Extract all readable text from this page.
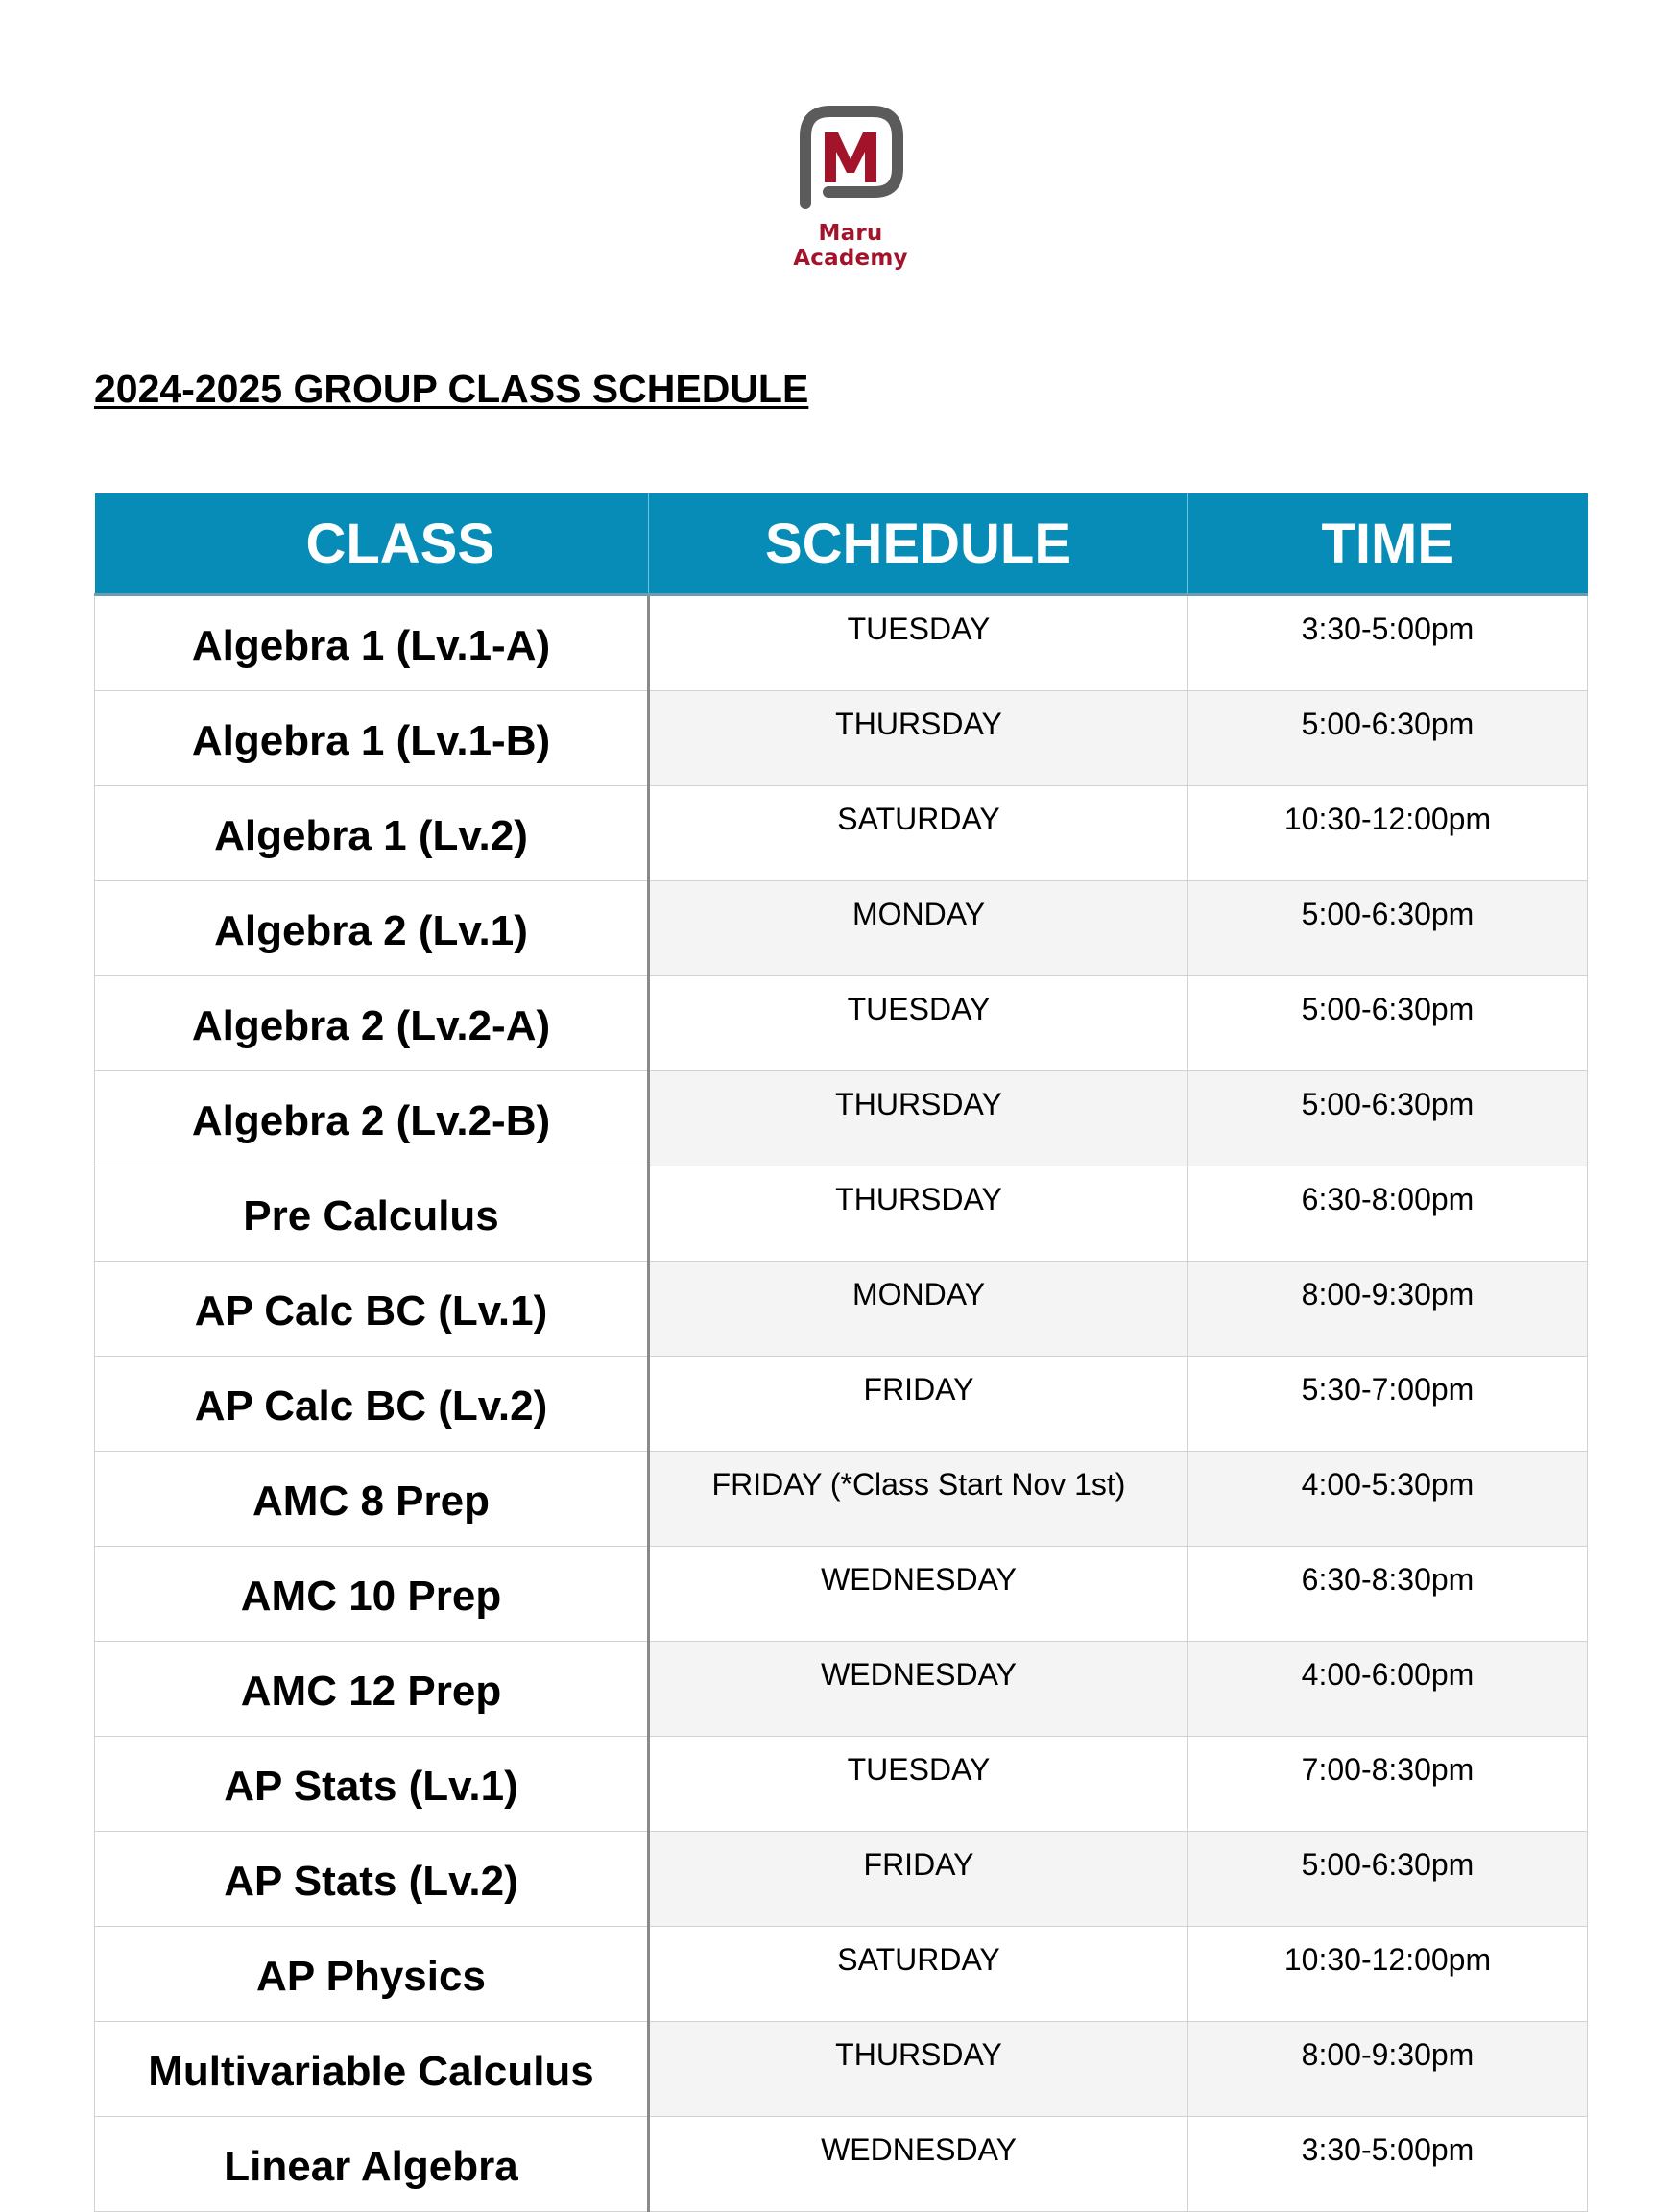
Maru Academy
2024-2025 GROUP CLASS SCHEDULE
CLASS	SCHEDULE	TIME
Algebra 1 (Lv.1-A)	TUESDAY	3:30-5:00pm
Algebra 1 (Lv.1-B)	THURSDAY	5:00-6:30pm
Algebra 1 (Lv.2)	SATURDAY	10:30-12:00pm
Algebra 2 (Lv.1)	MONDAY	5:00-6:30pm
Algebra 2 (Lv.2-A)	TUESDAY	5:00-6:30pm
Algebra 2 (Lv.2-B)	THURSDAY	5:00-6:30pm
Pre Calculus	THURSDAY	6:30-8:00pm
AP Calc BC (Lv.1)	MONDAY	8:00-9:30pm
AP Calc BC (Lv.2)	FRIDAY	5:30-7:00pm
AMC 8 Prep	FRIDAY (*Class Start Nov 1st)	4:00-5:30pm
AMC 10 Prep	WEDNESDAY	6:30-8:30pm
AMC 12 Prep	WEDNESDAY	4:00-6:00pm
AP Stats (Lv.1)	TUESDAY	7:00-8:30pm
AP Stats (Lv.2)	FRIDAY	5:00-6:30pm
AP Physics	SATURDAY	10:30-12:00pm
Multivariable Calculus	THURSDAY	8:00-9:30pm
Linear Algebra	WEDNESDAY	3:30-5:00pm
